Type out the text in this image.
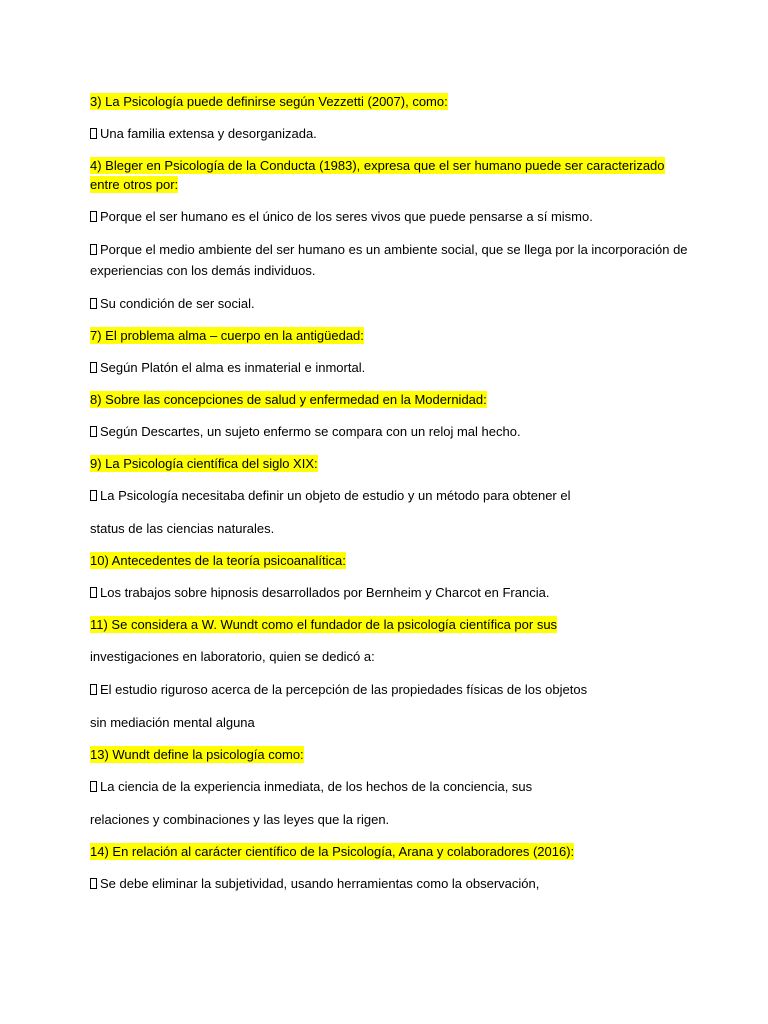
3) La Psicología puede definirse según Vezzetti (2007), como:

Una familia extensa y desorganizada.

4) Bleger en Psicología de la Conducta (1983), expresa que el ser humano puede ser caracterizado entre otros por:

Porque el ser humano es el único de los seres vivos que puede pensarse a sí mismo.

Porque el medio ambiente del ser humano es un ambiente social, que se llega por la incorporación de experiencias con los demás individuos.

Su condición de ser social.

7) El problema alma – cuerpo en la antigüedad:

Según Platón el alma es inmaterial e inmortal.

8) Sobre las concepciones de salud y enfermedad en la Modernidad:

Según Descartes, un sujeto enfermo se compara con un reloj mal hecho.

9) La Psicología científica del siglo XIX:

La Psicología necesitaba definir un objeto de estudio y un método para obtener el

status de las ciencias naturales.

10) Antecedentes de la teoría psicoanalítica:

Los trabajos sobre hipnosis desarrollados por Bernheim y Charcot en Francia.

11) Se considera a W. Wundt como el fundador de la psicología científica por sus

investigaciones en laboratorio, quien se dedicó a:

El estudio riguroso acerca de la percepción de las propiedades físicas de los objetos

sin mediación mental alguna

13) Wundt define la psicología como:

La ciencia de la experiencia inmediata, de los hechos de la conciencia, sus

relaciones y combinaciones y las leyes que la rigen.

14) En relación al carácter científico de la Psicología, Arana y colaboradores (2016):

Se debe eliminar la subjetividad, usando herramientas como la observación,
